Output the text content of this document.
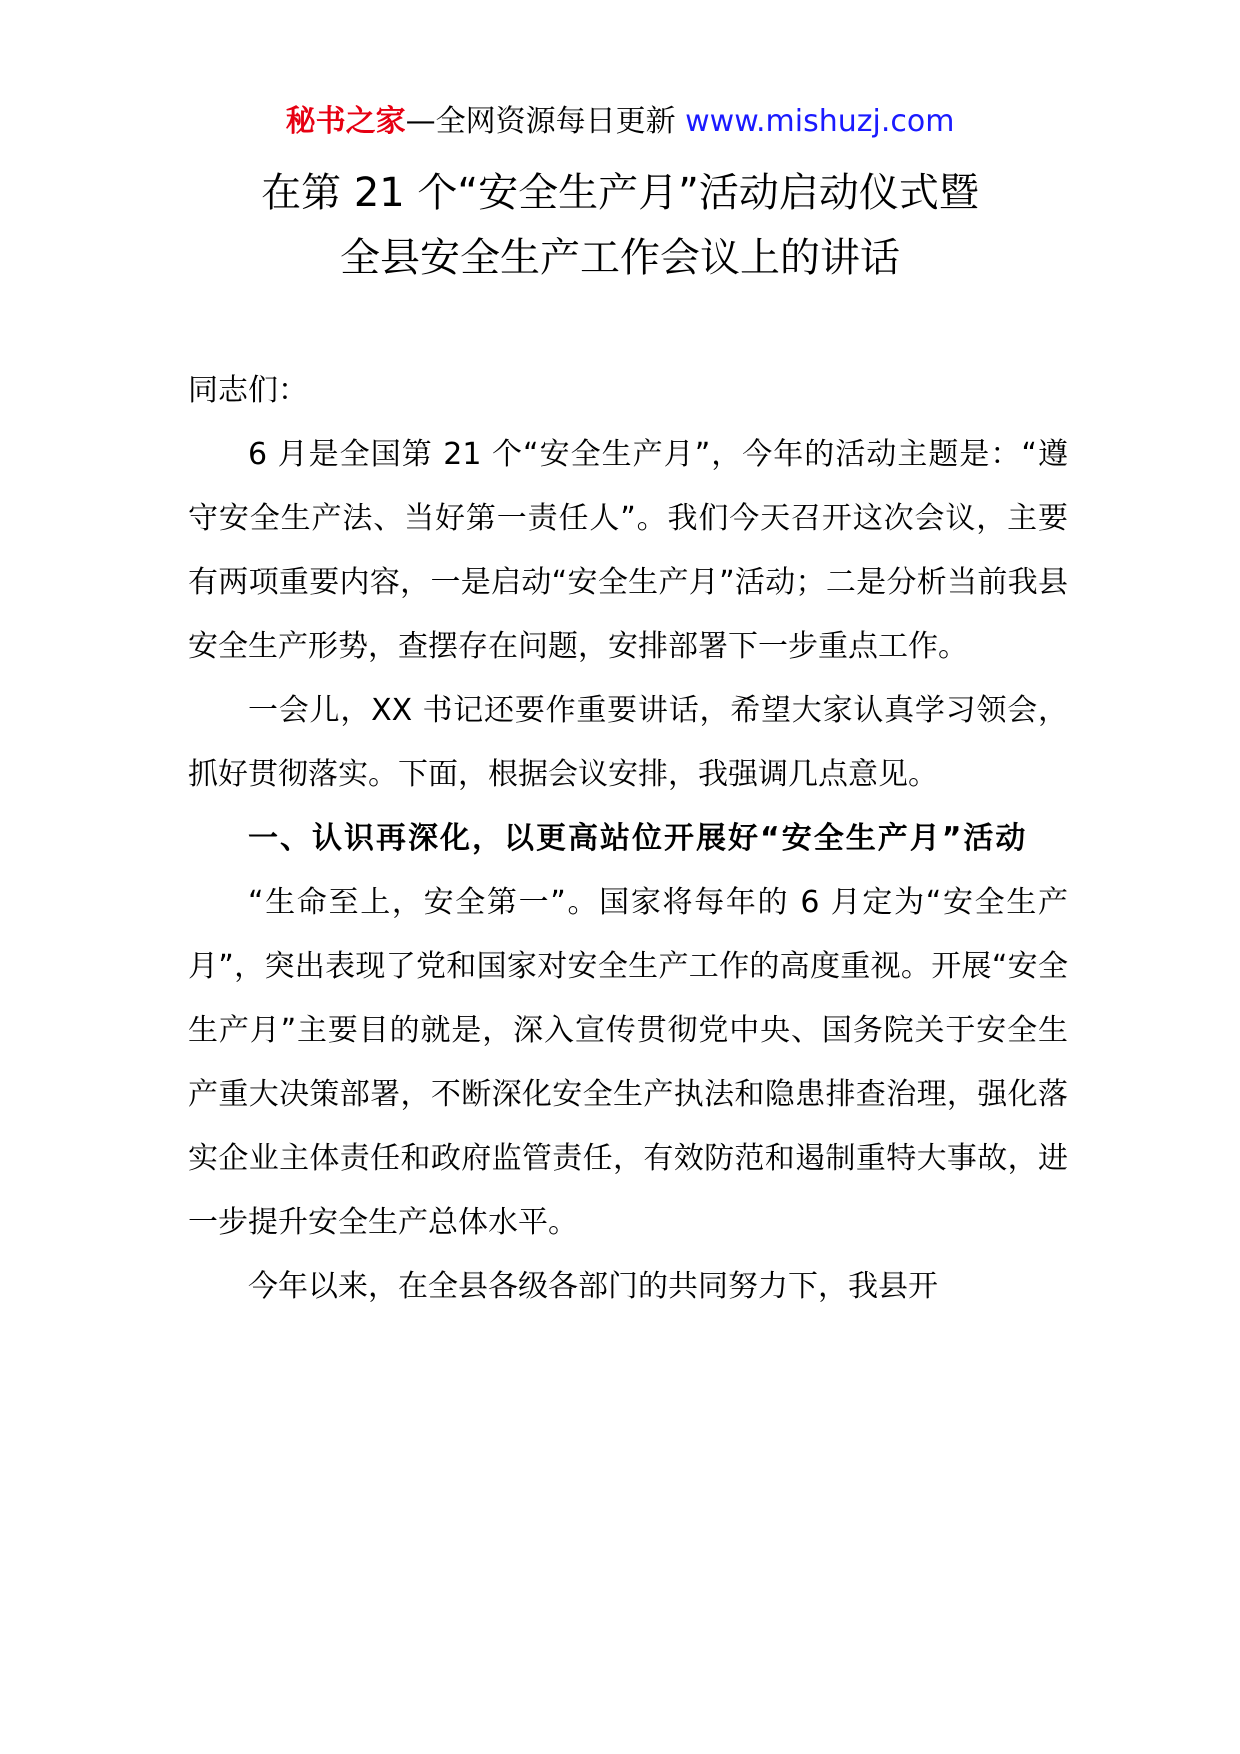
秘书之家—全网资源每日更新 www.mishuzj.com
在第 21 个“安全生产月”活动启动仪式暨
全县安全生产工作会议上的讲话

同志们：

6 月是全国第 21 个“安全生产月”，今年的活动主题是：“遵守安全生产法、当好第一责任人”。我们今天召开这次会议，主要有两项重要内容，一是启动“安全生产月”活动；二是分析当前我县安全生产形势，查摆存在问题，安排部署下一步重点工作。

一会儿，XX 书记还要作重要讲话，希望大家认真学习领会，抓好贯彻落实。下面，根据会议安排，我强调几点意见。

一、认识再深化，以更高站位开展好“安全生产月”活动

“生命至上，安全第一”。国家将每年的 6 月定为“安全生产月”，突出表现了党和国家对安全生产工作的高度重视。开展“安全生产月”主要目的就是，深入宣传贯彻党中央、国务院关于安全生产重大决策部署，不断深化安全生产执法和隐患排查治理，强化落实企业主体责任和政府监管责任，有效防范和遏制重特大事故，进一步提升安全生产总体水平。

今年以来，在全县各级各部门的共同努力下，我县开
